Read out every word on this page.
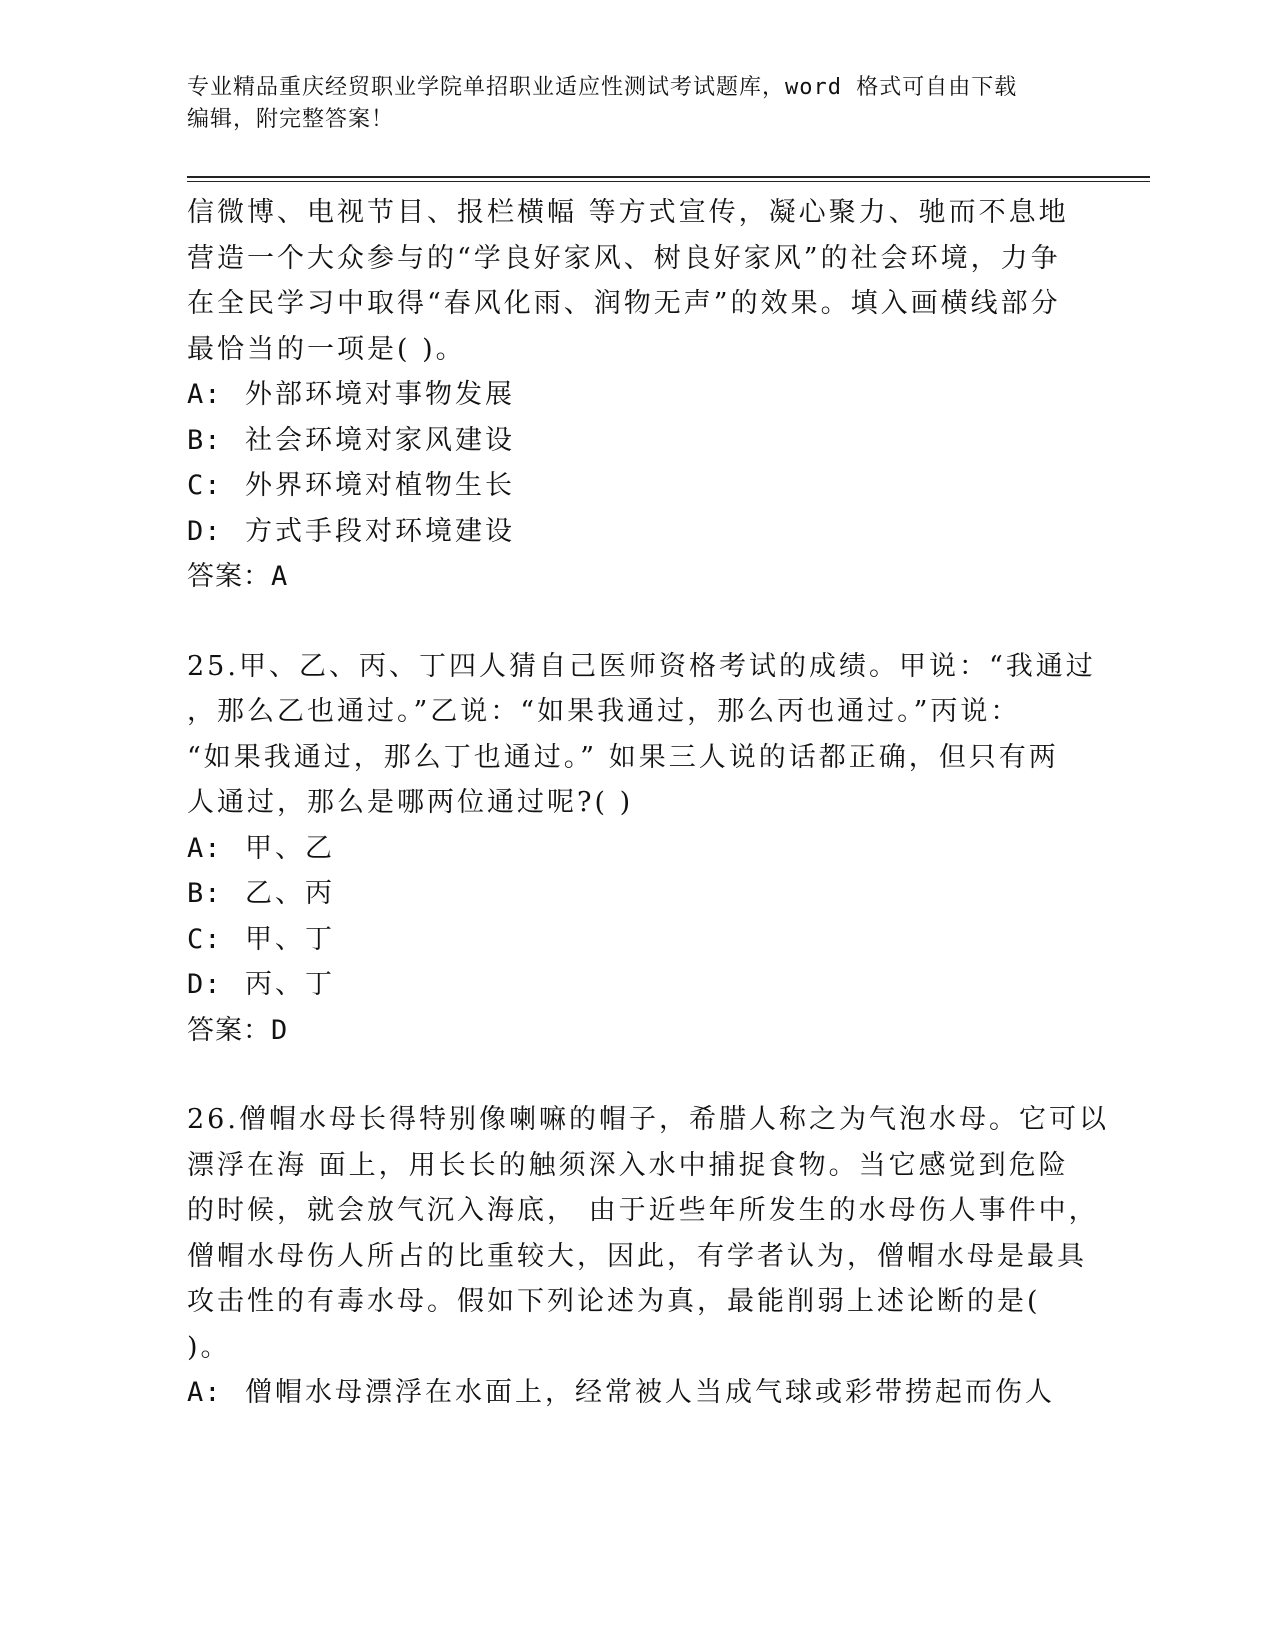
专业精品重庆经贸职业学院单招职业适应性测试考试题库，word 格式可自由下载
编辑，附完整答案！
信微博、电视节目、报栏横幅 等方式宣传，凝心聚力、驰而不息地
营造一个大众参与的“学良好家风、树良好家风”的社会环境，力争
在全民学习中取得“春风化雨、润物无声”的效果。填入画横线部分
最恰当的一项是( )。
A: 外部环境对事物发展
B: 社会环境对家风建设
C: 外界环境对植物生长
D: 方式手段对环境建设
答案：A
25.甲、乙、丙、丁四人猜自己医师资格考试的成绩。甲说：“我通过
，那么乙也通过。”乙说：“如果我通过，那么丙也通过。”丙说：
“如果我通过，那么丁也通过。” 如果三人说的话都正确，但只有两
人通过，那么是哪两位通过呢?( )
A: 甲、乙
B: 乙、丙
C: 甲、丁
D: 丙、丁
答案：D
26.僧帽水母长得特别像喇嘛的帽子，希腊人称之为气泡水母。它可以
漂浮在海 面上，用长长的触须深入水中捕捉食物。当它感觉到危险
的时候，就会放气沉入海底， 由于近些年所发生的水母伤人事件中，
僧帽水母伤人所占的比重较大，因此，有学者认为，僧帽水母是最具
攻击性的有毒水母。假如下列论述为真，最能削弱上述论断的是(
)。
A: 僧帽水母漂浮在水面上，经常被人当成气球或彩带捞起而伤人
